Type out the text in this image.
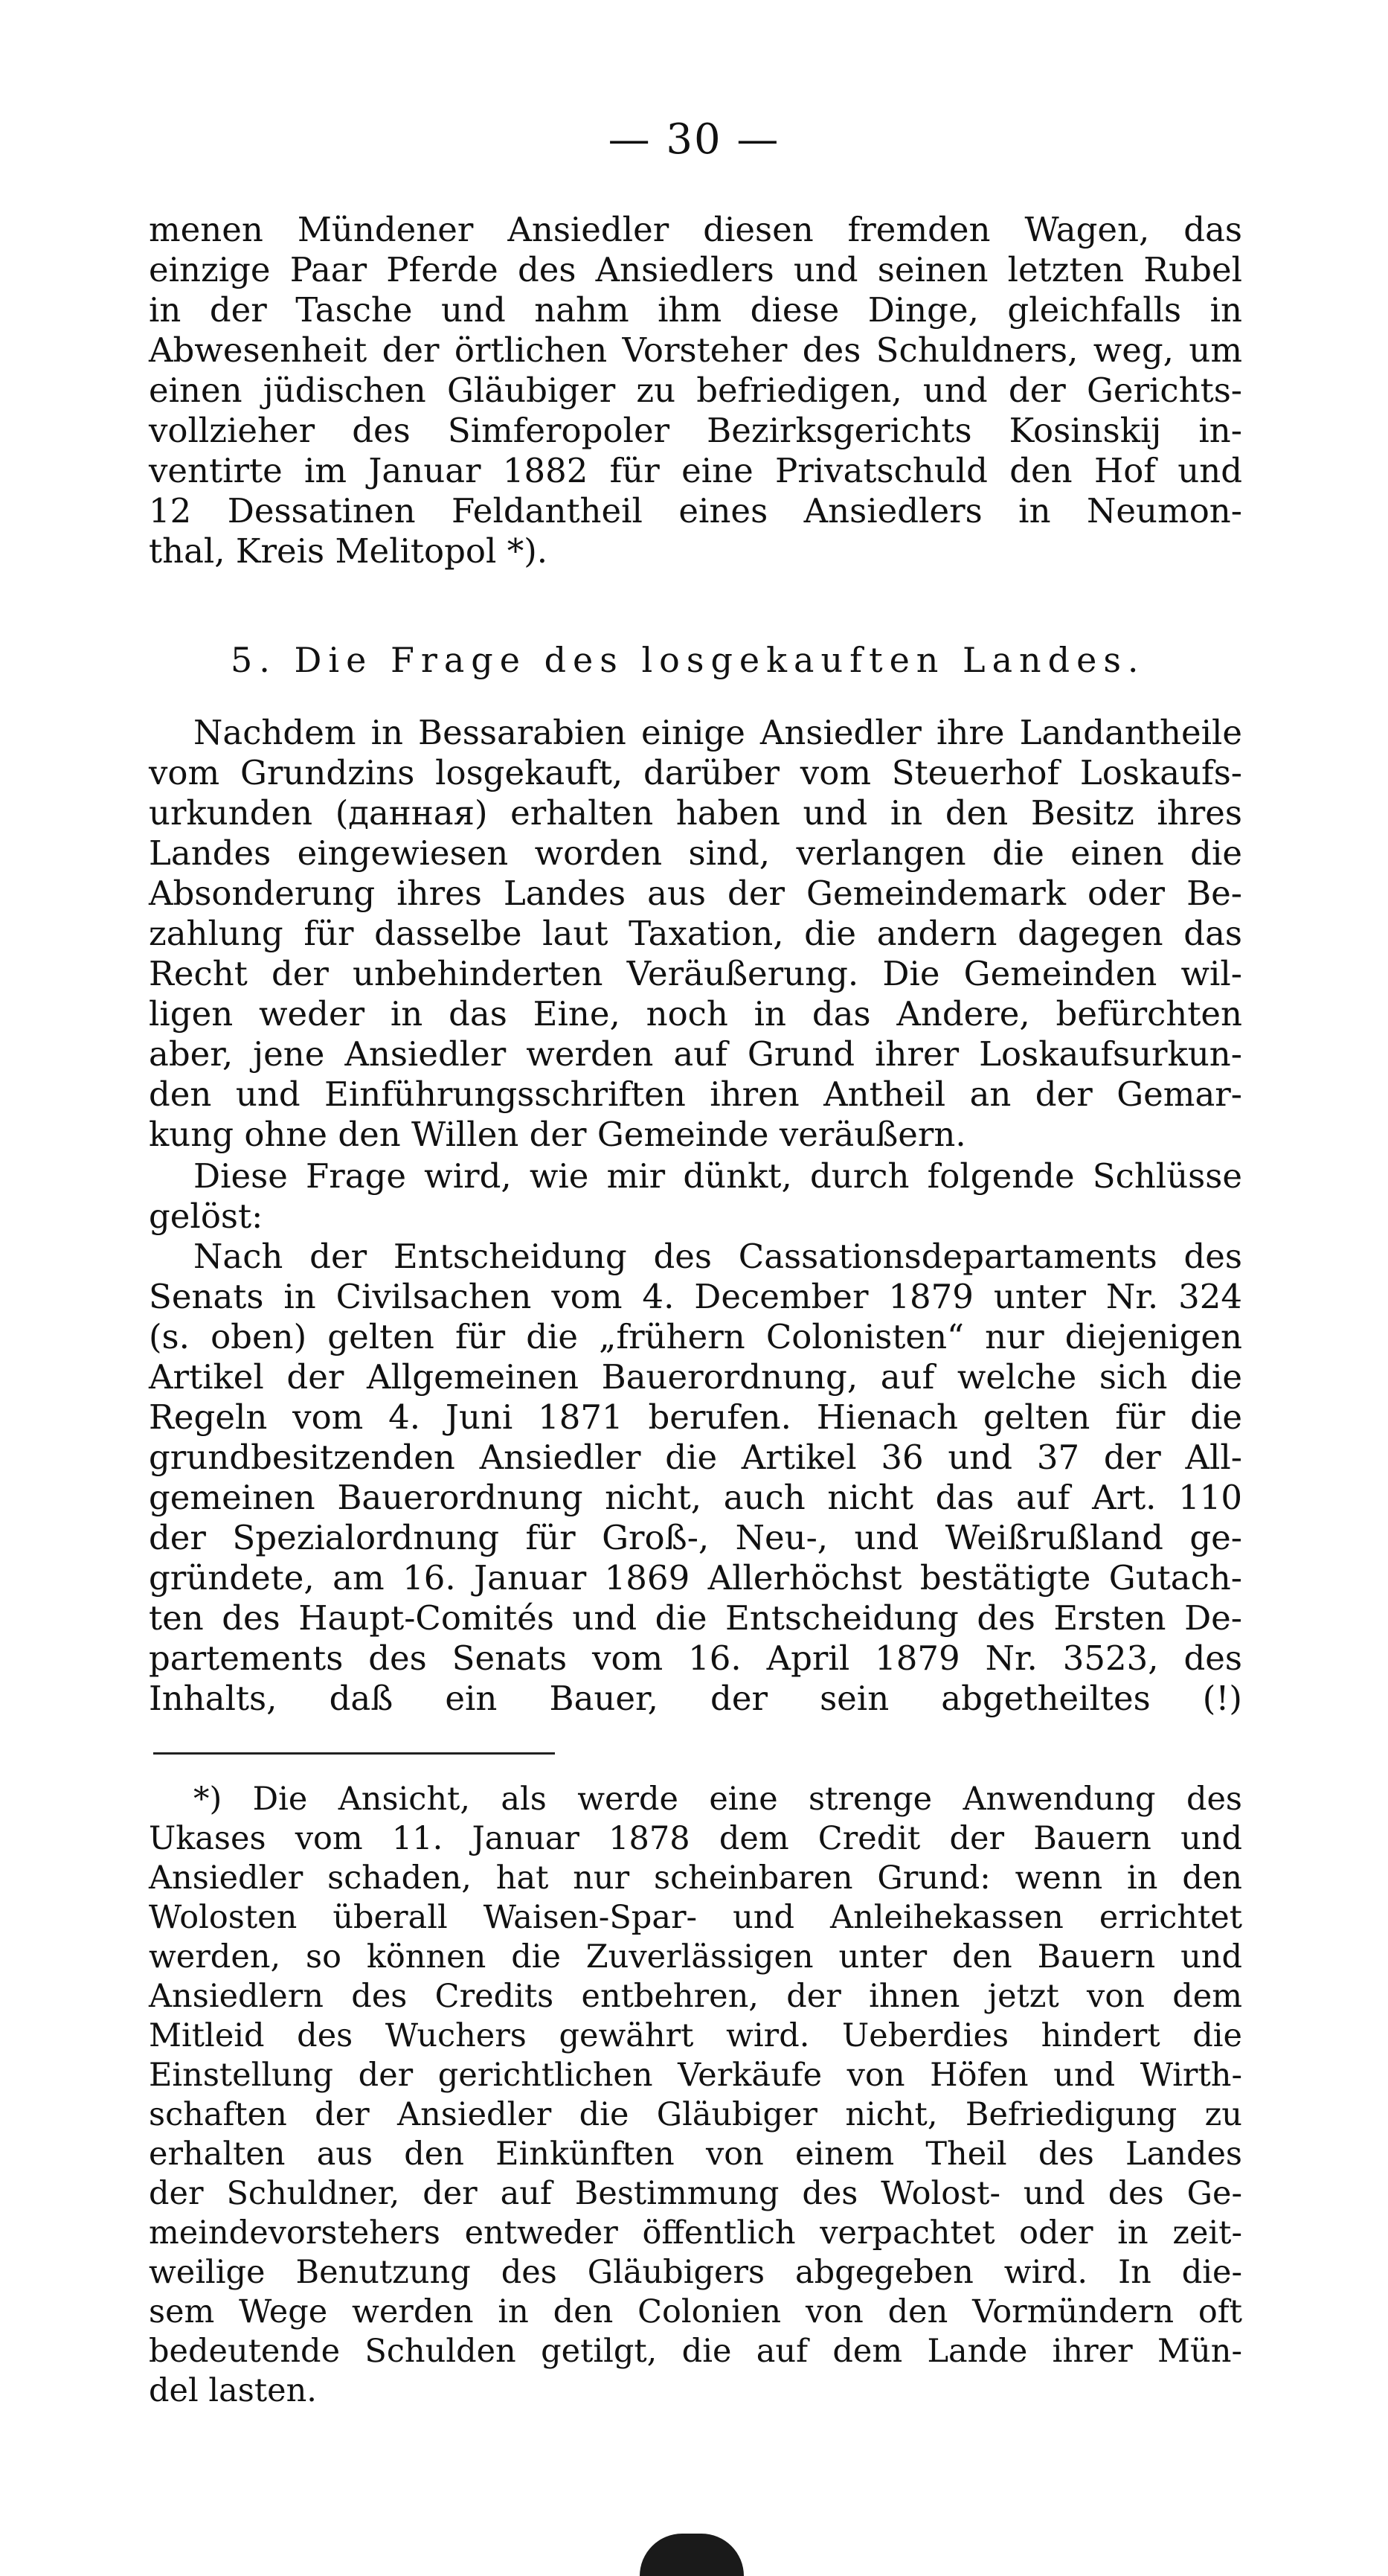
— 30 —
menen Mündener Ansiedler diesen fremden Wagen, das
einzige Paar Pferde des Ansiedlers und seinen letzten Rubel
in der Tasche und nahm ihm diese Dinge, gleichfalls in
Abwesenheit der örtlichen Vorsteher des Schuldners, weg, um
einen jüdischen Gläubiger zu befriedigen, und der Gerichts-
vollzieher des Simferopoler Bezirksgerichts Kosinskij in-
ventirte im Januar 1882 für eine Privatschuld den Hof und
12 Dessatinen Feldantheil eines Ansiedlers in Neumon-
thal, Kreis Melitopol *).
5. Die Frage des losgekauften Landes.
Nachdem in Bessarabien einige Ansiedler ihre Landantheile
vom Grundzins losgekauft, darüber vom Steuerhof Loskaufs-
urkunden (данная) erhalten haben und in den Besitz ihres
Landes eingewiesen worden sind, verlangen die einen die
Absonderung ihres Landes aus der Gemeindemark oder Be-
zahlung für dasselbe laut Taxation, die andern dagegen das
Recht der unbehinderten Veräußerung. Die Gemeinden wil-
ligen weder in das Eine, noch in das Andere, befürchten
aber, jene Ansiedler werden auf Grund ihrer Loskaufsurkun-
den und Einführungsschriften ihren Antheil an der Gemar-
kung ohne den Willen der Gemeinde veräußern.
Diese Frage wird, wie mir dünkt, durch folgende Schlüsse
gelöst:
Nach der Entscheidung des Cassationsdepartaments des
Senats in Civilsachen vom 4. December 1879 unter Nr. 324
(s. oben) gelten für die „frühern Colonisten“ nur diejenigen
Artikel der Allgemeinen Bauerordnung, auf welche sich die
Regeln vom 4. Juni 1871 berufen. Hienach gelten für die
grundbesitzenden Ansiedler die Artikel 36 und 37 der All-
gemeinen Bauerordnung nicht, auch nicht das auf Art. 110
der Spezialordnung für Groß-, Neu-, und Weißrußland ge-
gründete, am 16. Januar 1869 Allerhöchst bestätigte Gutach-
ten des Haupt-Comités und die Entscheidung des Ersten De-
partements des Senats vom 16. April 1879 Nr. 3523, des
Inhalts, daß ein Bauer, der sein abgetheiltes (!)
*) Die Ansicht, als werde eine strenge Anwendung des
Ukases vom 11. Januar 1878 dem Credit der Bauern und
Ansiedler schaden, hat nur scheinbaren Grund: wenn in den
Wolosten überall Waisen-Spar- und Anleihekassen errichtet
werden, so können die Zuverlässigen unter den Bauern und
Ansiedlern des Credits entbehren, der ihnen jetzt von dem
Mitleid des Wuchers gewährt wird. Ueberdies hindert die
Einstellung der gerichtlichen Verkäufe von Höfen und Wirth-
schaften der Ansiedler die Gläubiger nicht, Befriedigung zu
erhalten aus den Einkünften von einem Theil des Landes
der Schuldner, der auf Bestimmung des Wolost- und des Ge-
meindevorstehers entweder öffentlich verpachtet oder in zeit-
weilige Benutzung des Gläubigers abgegeben wird. In die-
sem Wege werden in den Colonien von den Vormündern oft
bedeutende Schulden getilgt, die auf dem Lande ihrer Mün-
del lasten.
